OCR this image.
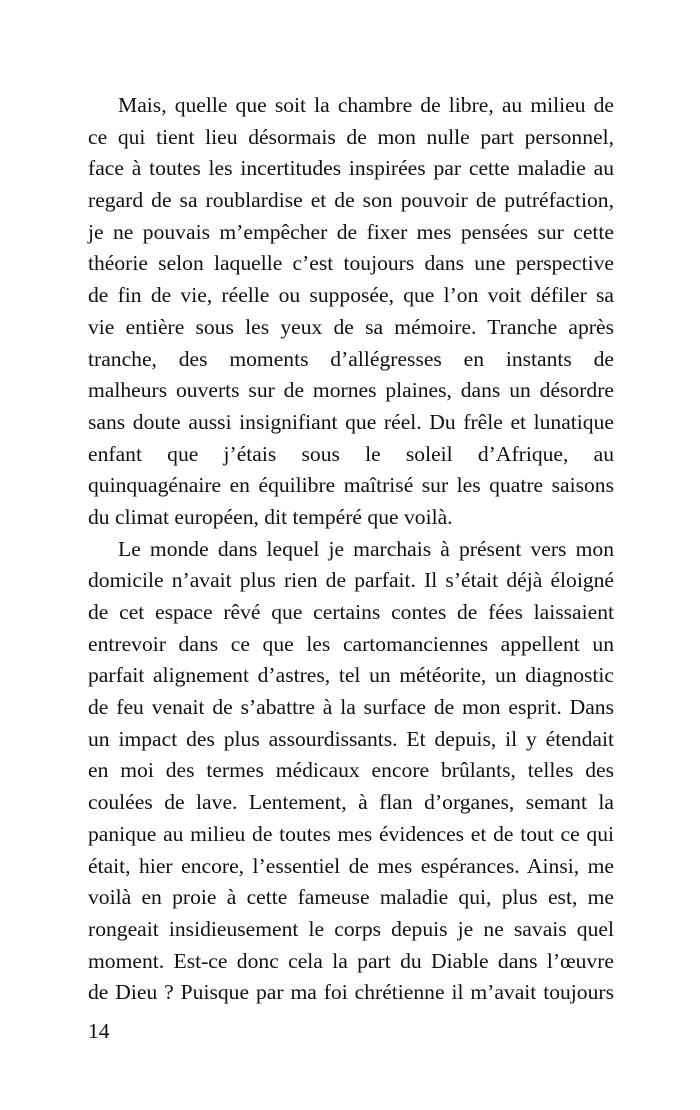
Mais, quelle que soit la chambre de libre, au milieu de
ce qui tient lieu désormais de mon nulle part personnel,
face à toutes les incertitudes inspirées par cette maladie au
regard de sa roublardise et de son pouvoir de putréfaction,
je ne pouvais m’empêcher de fixer mes pensées sur cette
théorie selon laquelle c’est toujours dans une perspective
de fin de vie, réelle ou supposée, que l’on voit défiler sa
vie entière sous les yeux de sa mémoire. Tranche après
tranche, des moments d’allégresses en instants de
malheurs ouverts sur de mornes plaines, dans un désordre
sans doute aussi insignifiant que réel. Du frêle et lunatique
enfant que j’étais sous le soleil d’Afrique, au
quinquagénaire en équilibre maîtrisé sur les quatre saisons
du climat européen, dit tempéré que voilà.
Le monde dans lequel je marchais à présent vers mon
domicile n’avait plus rien de parfait. Il s’était déjà éloigné
de cet espace rêvé que certains contes de fées laissaient
entrevoir dans ce que les cartomanciennes appellent un
parfait alignement d’astres, tel un météorite, un diagnostic
de feu venait de s’abattre à la surface de mon esprit. Dans
un impact des plus assourdissants. Et depuis, il y étendait
en moi des termes médicaux encore brûlants, telles des
coulées de lave. Lentement, à flan d’organes, semant la
panique au milieu de toutes mes évidences et de tout ce qui
était, hier encore, l’essentiel de mes espérances. Ainsi, me
voilà en proie à cette fameuse maladie qui, plus est, me
rongeait insidieusement le corps depuis je ne savais quel
moment. Est-ce donc cela la part du Diable dans l’œuvre
de Dieu ? Puisque par ma foi chrétienne il m’avait toujours
14
